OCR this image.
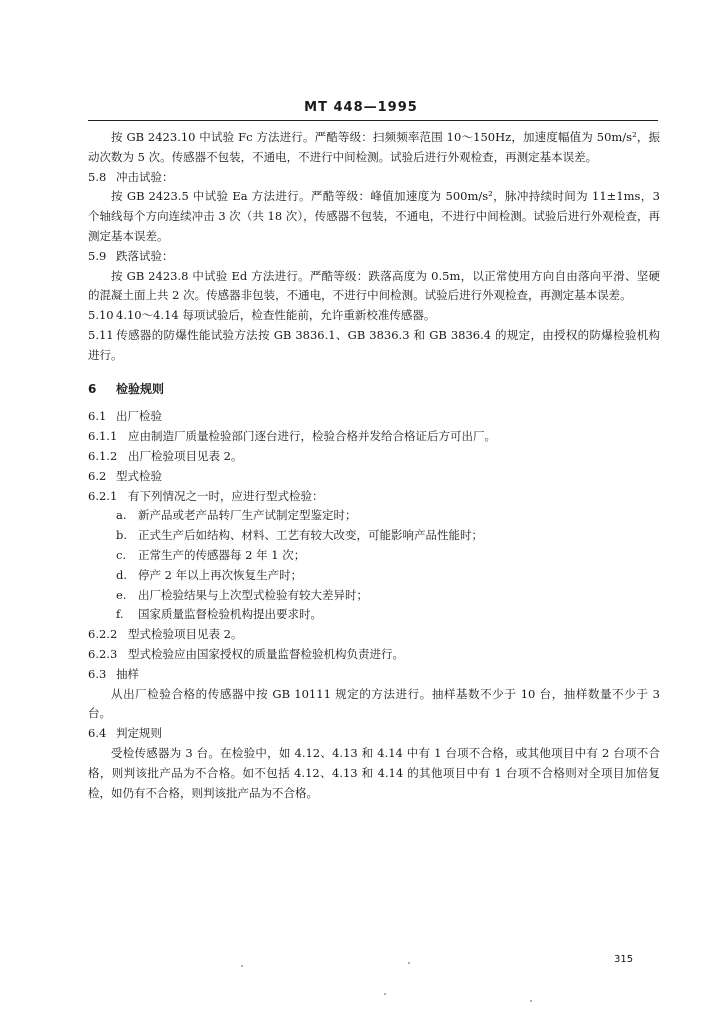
MT 448—1995

按 GB 2423.10 中试验 Fc 方法进行。严酷等级：扫频频率范围 10～150Hz，加速度幅值为 50m/s²，振动次数为 5 次。传感器不包装，不通电，不进行中间检测。试验后进行外观检查，再测定基本误差。

5.8 冲击试验：

按 GB 2423.5 中试验 Ea 方法进行。严酷等级：峰值加速度为 500m/s²，脉冲持续时间为 11±1ms，3 个轴线每个方向连续冲击 3 次（共 18 次），传感器不包装，不通电，不进行中间检测。试验后进行外观检查，再测定基本误差。

5.9 跌落试验：

按 GB 2423.8 中试验 Ed 方法进行。严酷等级：跌落高度为 0.5m，以正常使用方向自由落向平滑、坚硬的混凝土面上共 2 次。传感器非包装，不通电，不进行中间检测。试验后进行外观检查，再测定基本误差。

5.10 4.10～4.14 每项试验后，检查性能前，允许重新校准传感器。

5.11 传感器的防爆性能试验方法按 GB 3836.1、GB 3836.3 和 GB 3836.4 的规定，由授权的防爆检验机构进行。

6 检验规则

6.1 出厂检验

6.1.1 应由制造厂质量检验部门逐台进行，检验合格并发给合格证后方可出厂。

6.1.2 出厂检验项目见表 2。

6.2 型式检验

6.2.1 有下列情况之一时，应进行型式检验：

a. 新产品或老产品转厂生产试制定型鉴定时；

b. 正式生产后如结构、材料、工艺有较大改变，可能影响产品性能时；

c. 正常生产的传感器每 2 年 1 次；

d. 停产 2 年以上再次恢复生产时；

e. 出厂检验结果与上次型式检验有较大差异时；

f. 国家质量监督检验机构提出要求时。

6.2.2 型式检验项目见表 2。

6.2.3 型式检验应由国家授权的质量监督检验机构负责进行。

6.3 抽样

从出厂检验合格的传感器中按 GB 10111 规定的方法进行。抽样基数不少于 10 台，抽样数量不少于 3 台。

6.4 判定规则

受检传感器为 3 台。在检验中，如 4.12、4.13 和 4.14 中有 1 台项不合格，或其他项目中有 2 台项不合格，则判该批产品为不合格。如不包括 4.12、4.13 和 4.14 的其他项目中有 1 台项不合格则对全项目加倍复检，如仍有不合格，则判该批产品为不合格。

315
